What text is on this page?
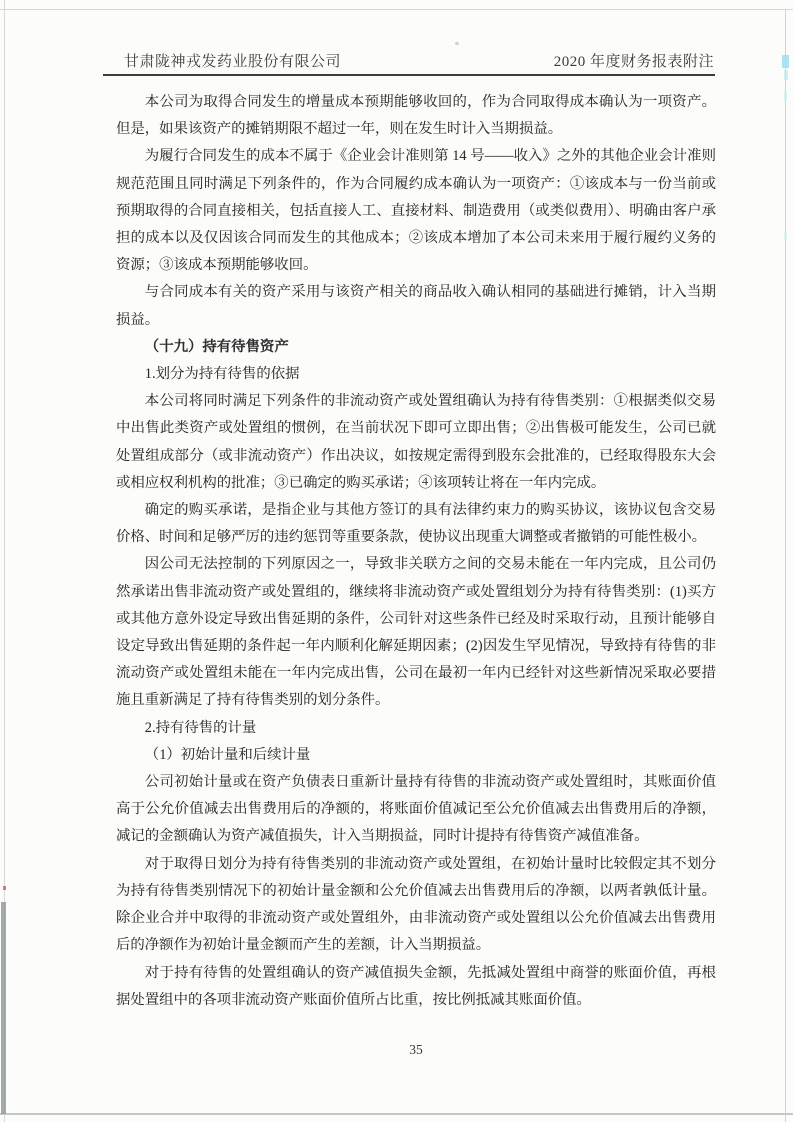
甘肃陇神戎发药业股份有限公司	2020 年度财务报表附注

本公司为取得合同发生的增量成本预期能够收回的，作为合同取得成本确认为一项资产。但是，如果该资产的摊销期限不超过一年，则在发生时计入当期损益。

为履行合同发生的成本不属于《企业会计准则第 14 号——收入》之外的其他企业会计准则规范范围且同时满足下列条件的，作为合同履约成本确认为一项资产：①该成本与一份当前或预期取得的合同直接相关，包括直接人工、直接材料、制造费用（或类似费用）、明确由客户承担的成本以及仅因该合同而发生的其他成本；②该成本增加了本公司未来用于履行履约义务的资源；③该成本预期能够收回。

与合同成本有关的资产采用与该资产相关的商品收入确认相同的基础进行摊销，计入当期损益。

（十九）持有待售资产

1.划分为持有待售的依据

本公司将同时满足下列条件的非流动资产或处置组确认为持有待售类别：①根据类似交易中出售此类资产或处置组的惯例，在当前状况下即可立即出售；②出售极可能发生，公司已就处置组成部分（或非流动资产）作出决议，如按规定需得到股东会批准的，已经取得股东大会或相应权利机构的批准；③已确定的购买承诺；④该项转让将在一年内完成。

确定的购买承诺，是指企业与其他方签订的具有法律约束力的购买协议，该协议包含交易价格、时间和足够严厉的违约惩罚等重要条款，使协议出现重大调整或者撤销的可能性极小。

因公司无法控制的下列原因之一，导致非关联方之间的交易未能在一年内完成，且公司仍然承诺出售非流动资产或处置组的，继续将非流动资产或处置组划分为持有待售类别：(1)买方或其他方意外设定导致出售延期的条件，公司针对这些条件已经及时采取行动，且预计能够自设定导致出售延期的条件起一年内顺利化解延期因素；(2)因发生罕见情况，导致持有待售的非流动资产或处置组未能在一年内完成出售，公司在最初一年内已经针对这些新情况采取必要措施且重新满足了持有待售类别的划分条件。

2.持有待售的计量

（1）初始计量和后续计量

公司初始计量或在资产负债表日重新计量持有待售的非流动资产或处置组时，其账面价值高于公允价值减去出售费用后的净额的，将账面价值减记至公允价值减去出售费用后的净额，减记的金额确认为资产减值损失，计入当期损益，同时计提持有待售资产减值准备。

对于取得日划分为持有待售类别的非流动资产或处置组，在初始计量时比较假定其不划分为持有待售类别情况下的初始计量金额和公允价值减去出售费用后的净额，以两者孰低计量。除企业合并中取得的非流动资产或处置组外，由非流动资产或处置组以公允价值减去出售费用后的净额作为初始计量金额而产生的差额，计入当期损益。

对于持有待售的处置组确认的资产减值损失金额，先抵减处置组中商誉的账面价值，再根据处置组中的各项非流动资产账面价值所占比重，按比例抵减其账面价值。

35
